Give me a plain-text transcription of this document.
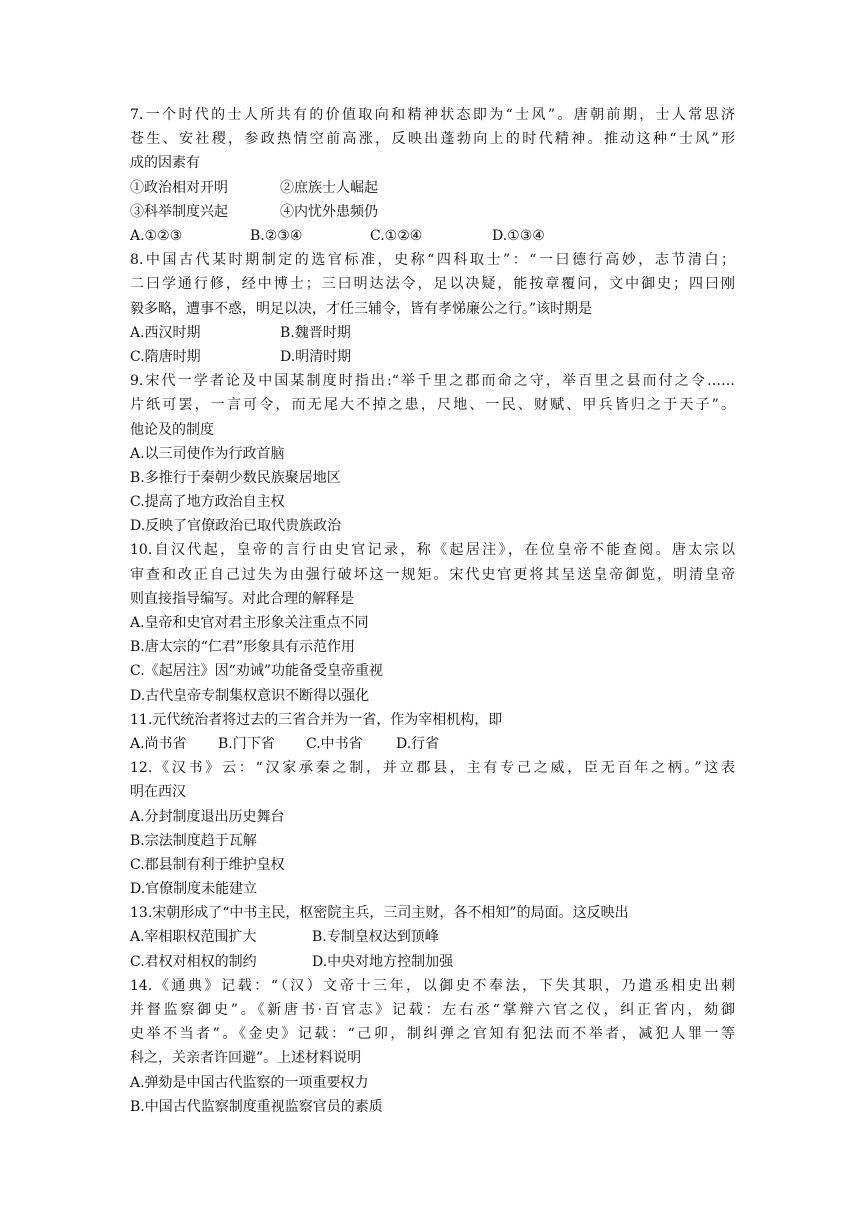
7.一个时代的士人所共有的价值取向和精神状态即为“士风”。唐朝前期，士人常思济
苍生、安社稷，参政热情空前高涨，反映出蓬勃向上的时代精神。推动这种“士风”形
成的因素有
①政治相对开明	②庶族士人崛起
③科举制度兴起	④内忧外患频仍
A.①②③	B.②③④	C.①②④	D.①③④
8.中国古代某时期制定的选官标准，史称“四科取士”：“一曰德行高妙，志节清白；
二曰学通行修，经中博士；三曰明达法令，足以决疑，能按章覆问，文中御史；四曰刚
毅多略，遭事不惑，明足以决，才任三辅令，皆有孝悌廉公之行。”该时期是
A.西汉时期	B.魏晋时期
C.隋唐时期	D.明清时期
9.宋代一学者论及中国某制度时指出:“举千里之郡而命之守，举百里之县而付之令……
片纸可罢，一言可令，而无尾大不掉之患，尺地、一民、财赋、甲兵皆归之于天子”。
他论及的制度
A.以三司使作为行政首脑
B.多推行于秦朝少数民族聚居地区
C.提高了地方政治自主权
D.反映了官僚政治已取代贵族政治
10.自汉代起，皇帝的言行由史官记录，称《起居注》，在位皇帝不能查阅。唐太宗以
审查和改正自己过失为由强行破坏这一规矩。宋代史官更将其呈送皇帝御览，明清皇帝
则直接指导编写。对此合理的解释是
A.皇帝和史官对君主形象关注重点不同
B.唐太宗的“仁君”形象具有示范作用
C.《起居注》因“劝诫”功能备受皇帝重视
D.古代皇帝专制集权意识不断得以强化
11.元代统治者将过去的三省合并为一省，作为宰相机构，即
A.尚书省	B.门下省	C.中书省	D.行省
12.《汉书》云：“汉家承秦之制，并立郡县，主有专己之威，臣无百年之柄。”这表
明在西汉
A.分封制度退出历史舞台
B.宗法制度趋于瓦解
C.郡县制有利于维护皇权
D.官僚制度未能建立
13.宋朝形成了“中书主民，枢密院主兵，三司主财，各不相知”的局面。这反映出
A.宰相职权范围扩大	B.专制皇权达到顶峰
C.君权对相权的制约	D.中央对地方控制加强
14.《通典》记载：“（汉）文帝十三年，以御史不奉法，下失其职，乃遣丞相史出刺
并督监察御史”。《新唐书·百官志》记载：左右丞“掌辩六官之仪，纠正省内，劾御
史举不当者”。《金史》记载：“己卯，制纠弹之官知有犯法而不举者，减犯人罪一等
科之，关亲者许回避”。上述材料说明
A.弹劾是中国古代监察的一项重要权力
B.中国古代监察制度重视监察官员的素质
